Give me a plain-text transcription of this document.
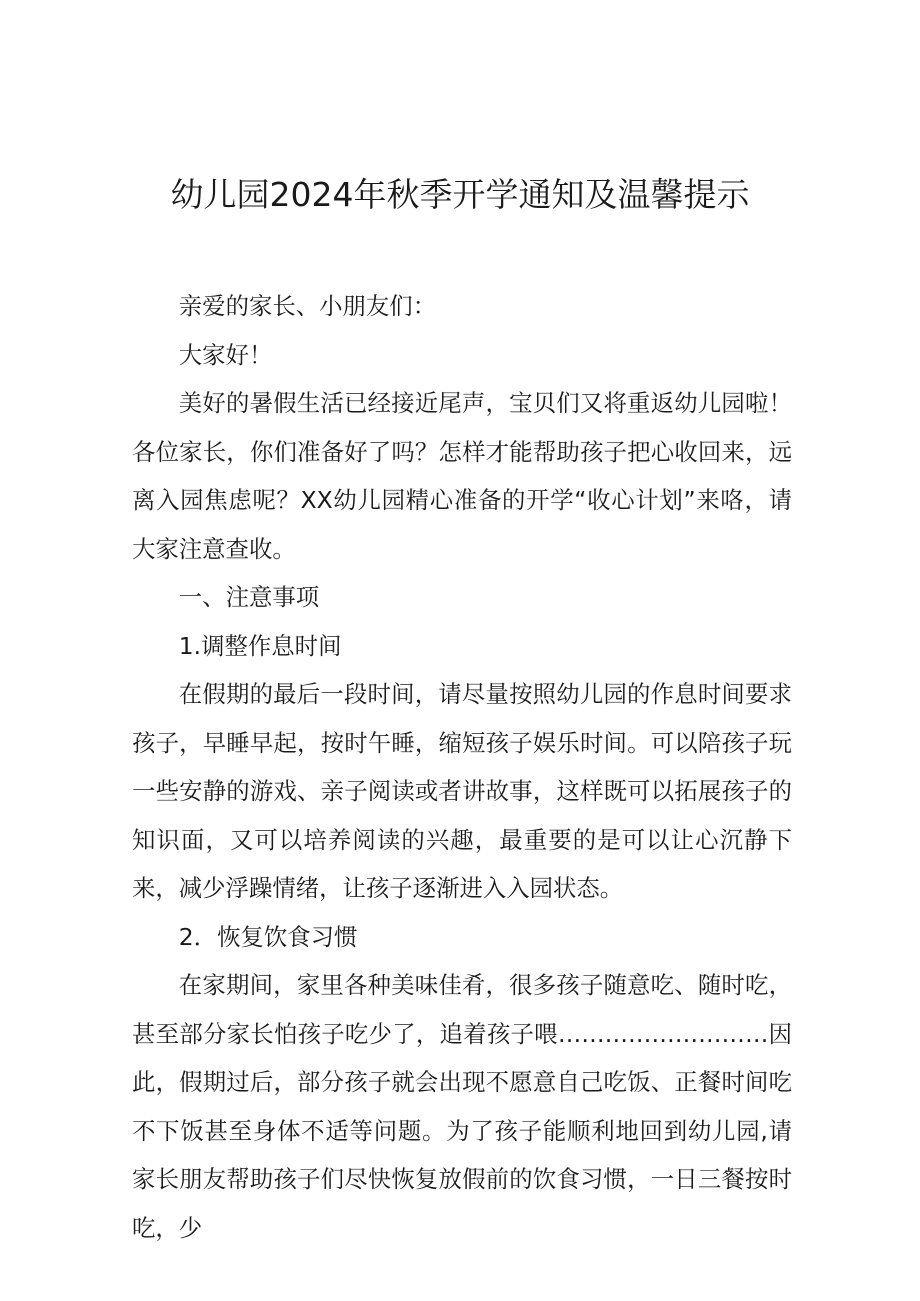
幼儿园2024年秋季开学通知及温馨提示

亲爱的家长、小朋友们：

大家好！

美好的暑假生活已经接近尾声，宝贝们又将重返幼儿园啦！各位家长，你们准备好了吗？怎样才能帮助孩子把心收回来，远离入园焦虑呢？XX幼儿园精心准备的开学“收心计划”来咯，请大家注意查收。

一、注意事项

1.调整作息时间

在假期的最后一段时间，请尽量按照幼儿园的作息时间要求孩子，早睡早起，按时午睡，缩短孩子娱乐时间。可以陪孩子玩一些安静的游戏、亲子阅读或者讲故事，这样既可以拓展孩子的知识面，又可以培养阅读的兴趣，最重要的是可以让心沉静下来，减少浮躁情绪，让孩子逐渐进入入园状态。

2．恢复饮食习惯

在家期间，家里各种美味佳肴，很多孩子随意吃、随时吃，甚至部分家长怕孩子吃少了，追着孩子喂………………………因此，假期过后，部分孩子就会出现不愿意自己吃饭、正餐时间吃不下饭甚至身体不适等问题。为了孩子能顺利地回到幼儿园,请家长朋友帮助孩子们尽快恢复放假前的饮食习惯，一日三餐按时吃，少
